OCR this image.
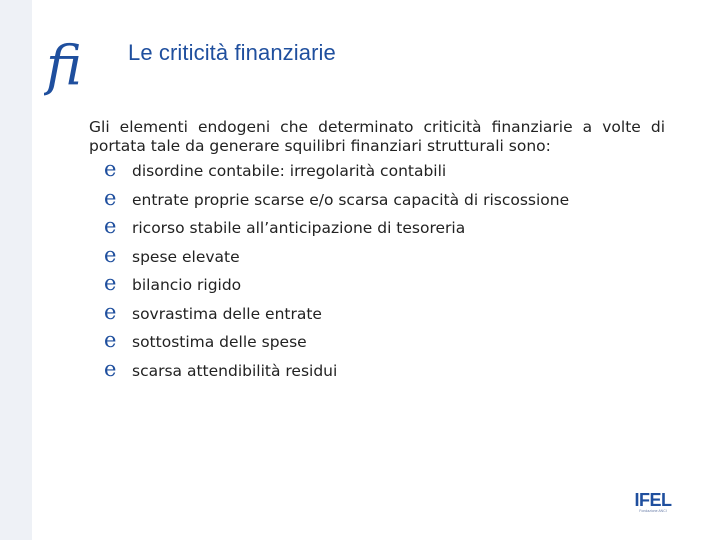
fi Le criticità finanziarie
Gli elementi endogeni che determinato criticità finanziarie a volte di portata tale da generare squilibri finanziari strutturali sono:
e	disordine contabile: irregolarità contabili
e	entrate proprie scarse e/o scarsa capacità di riscossione
e	ricorso stabile all’anticipazione di tesoreria
e	spese elevate
e	bilancio rigido
e	sovrastima delle entrate
e	sottostima delle spese
e	scarsa attendibilità residui
IFEL
Fondazione ANCI
